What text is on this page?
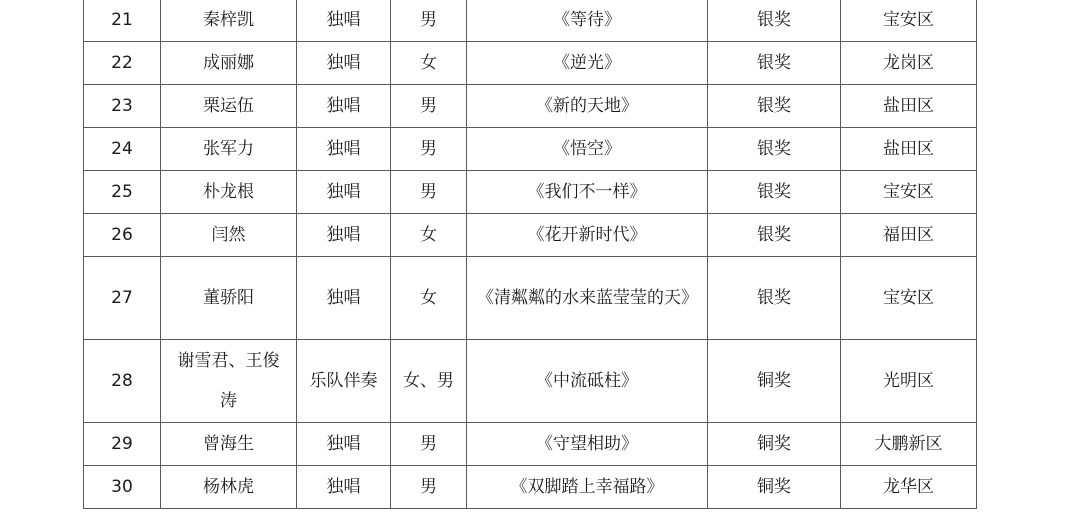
21	秦梓凯	独唱	男	《等待》	银奖	宝安区
22	成丽娜	独唱	女	《逆光》	银奖	龙岗区
23	栗运伍	独唱	男	《新的天地》	银奖	盐田区
24	张军力	独唱	男	《悟空》	银奖	盐田区
25	朴龙根	独唱	男	《我们不一样》	银奖	宝安区
26	闫然	独唱	女	《花开新时代》	银奖	福田区
27	董骄阳	独唱	女	《清粼粼的水来蓝莹莹的天》	银奖	宝安区
28	谢雪君、王俊涛	乐队伴奏	女、男	《中流砥柱》	铜奖	光明区
29	曾海生	独唱	男	《守望相助》	铜奖	大鹏新区
30	杨林虎	独唱	男	《双脚踏上幸福路》	铜奖	龙华区
